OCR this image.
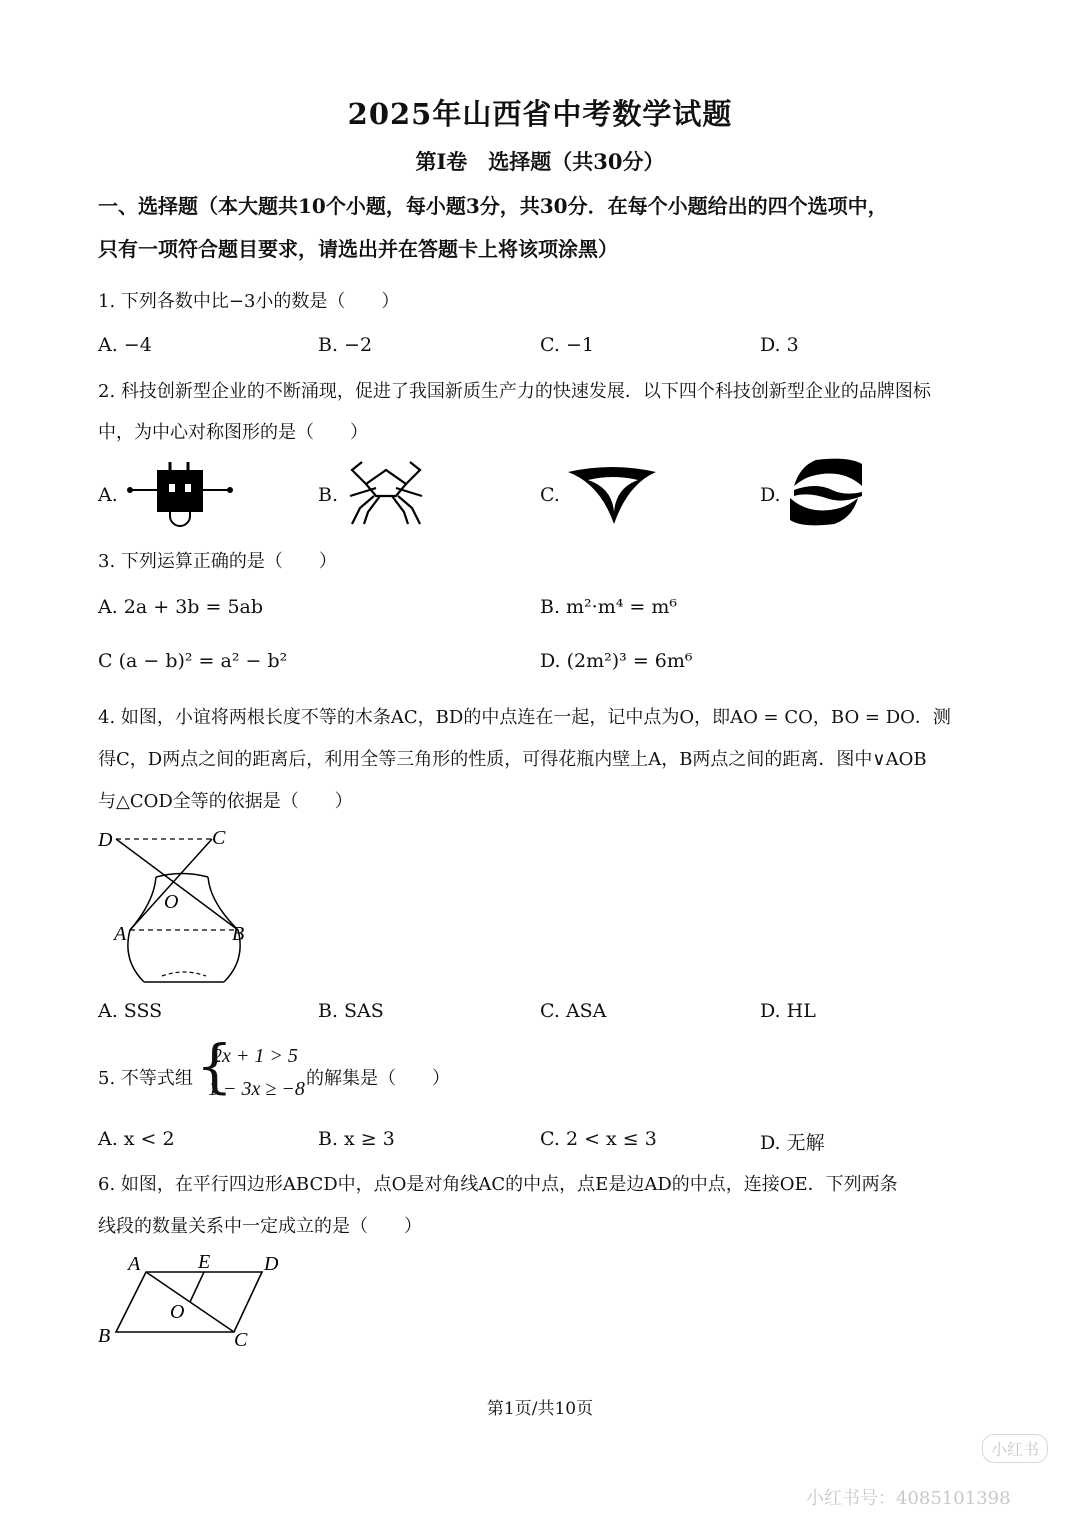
2025年山西省中考数学试题
第I卷　选择题（共30分）
一、选择题（本大题共10个小题，每小题3分，共30分．在每个小题给出的四个选项中，
只有一项符合题目要求，请选出并在答题卡上将该项涂黑）
1. 下列各数中比−3小的数是（　　）
A. −4	B. −2	C. −1	D. 3
2. 科技创新型企业的不断涌现，促进了我国新质生产力的快速发展．以下四个科技创新型企业的品牌图标
中，为中心对称图形的是（　　）
A.	B.	C.	D.
3. 下列运算正确的是（　　）
A. 2a + 3b = 5ab	B. m²·m⁴ = m⁶
C (a − b)² = a² − b²	D. (2m²)³ = 6m⁶
4. 如图，小谊将两根长度不等的木条AC，BD的中点连在一起，记中点为O，即AO = CO，BO = DO．测
得C，D两点之间的距离后，利用全等三角形的性质，可得花瓶内壁上A，B两点之间的距离．图中∨AOB
与△COD全等的依据是（　　）
D	C
O
A	B
A. SSS	B. SAS	C. ASA	D. HL
5. 不等式组 {
2x + 1 > 5
1 − 3x ≥ −8 的解集是（　　）
A. x < 2	B. x ≥ 3	C. 2 < x ≤ 3	D. 无解
6. 如图，在平行四边形ABCD中，点O是对角线AC的中点，点E是边AD的中点，连接OE．下列两条
线段的数量关系中一定成立的是（　　）
A	E	D
O
B	C
第1页/共10页
小红书
小红书号：4085101398
